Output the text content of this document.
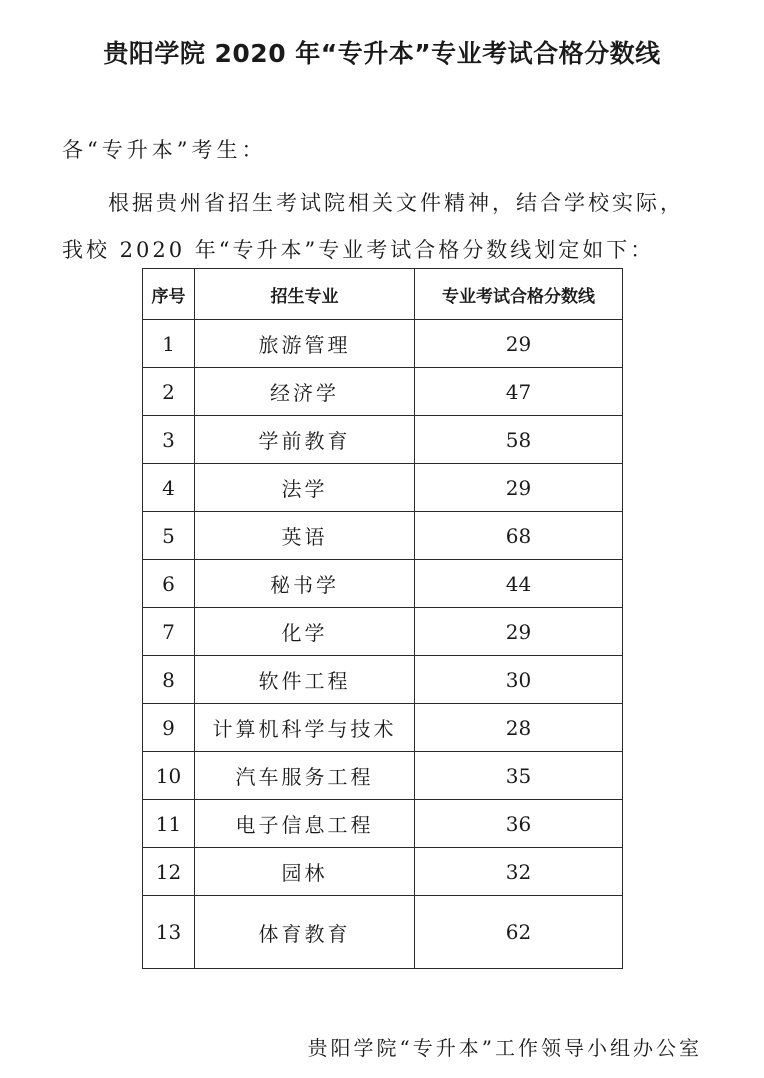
贵阳学院 2020 年“专升本”专业考试合格分数线
各“专升本”考生：
根据贵州省招生考试院相关文件精神，结合学校实际，我校 2020 年“专升本”专业考试合格分数线划定如下：
序号	招生专业	专业考试合格分数线
1	旅游管理	29
2	经济学	47
3	学前教育	58
4	法学	29
5	英语	68
6	秘书学	44
7	化学	29
8	软件工程	30
9	计算机科学与技术	28
10	汽车服务工程	35
11	电子信息工程	36
12	园林	32
13	体育教育	62
贵阳学院“专升本”工作领导小组办公室
